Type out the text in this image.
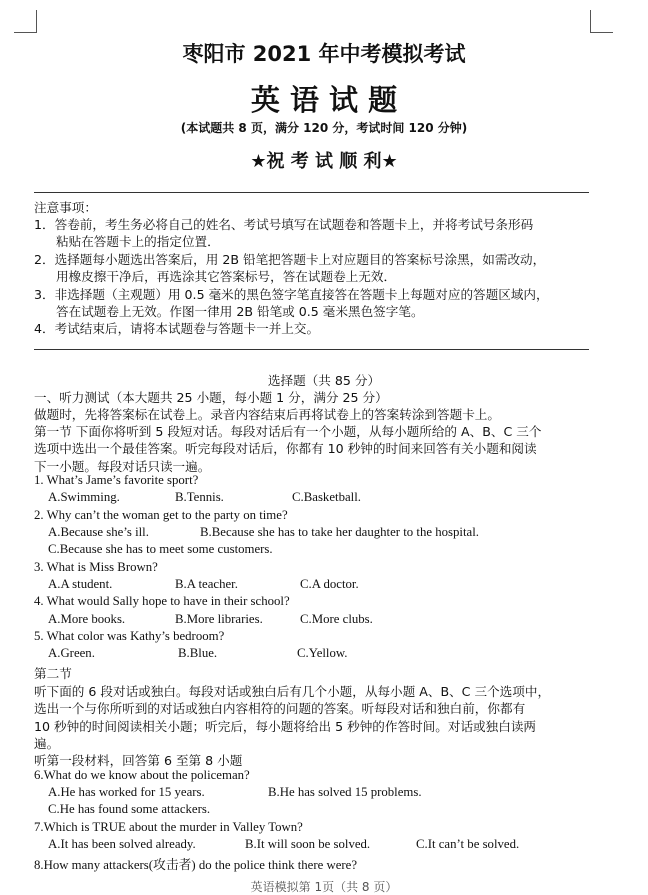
枣阳市 2021 年中考模拟考试
英 语 试 题
(本试题共 8 页，满分 120 分，考试时间 120 分钟)
★祝 考 试 顺 利★
注意事项：
1．答卷前，考生务必将自己的姓名、考试号填写在试题卷和答题卡上，并将考试号条形码
粘贴在答题卡上的指定位置．
2．选择题每小题选出答案后，用 2B 铅笔把答题卡上对应题目的答案标号涂黑，如需改动，
用橡皮擦干净后，再选涂其它答案标号，答在试题卷上无效．
3．非选择题（主观题）用 0.5 毫米的黑色签字笔直接答在答题卡上每题对应的答题区域内，
答在试题卷上无效。作图一律用 2B 铅笔或 0.5 毫米黑色签字笔。
4．考试结束后，请将本试题卷与答题卡一并上交。
选择题（共 85 分）
一、听力测试（本大题共 25 小题，每小题 1 分，满分 25 分）
做题时，先将答案标在试卷上。录音内容结束后再将试卷上的答案转涂到答题卡上。
第一节 下面你将听到 5 段短对话。每段对话后有一个小题，从每小题所给的 A、B、C 三个
选项中选出一个最佳答案。听完每段对话后，你都有 10 秒钟的时间来回答有关小题和阅读
下一小题。每段对话只读一遍。
1. What’s Jame’s favorite sport?
A.Swimming.	B.Tennis.	C.Basketball.
2. Why can’t the woman get to the party on time?
A.Because she’s ill.	B.Because she has to take her daughter to the hospital.
C.Because she has to meet some customers.
3. What is Miss Brown?
A.A student.	B.A teacher.	C.A doctor.
4. What would Sally hope to have in their school?
A.More books.	B.More libraries.	C.More clubs.
5. What color was Kathy’s bedroom?
A.Green.	B.Blue.	C.Yellow.
第二节
听下面的 6 段对话或独白。每段对话或独白后有几个小题，从每小题 A、B、C 三个选项中，
选出一个与你所听到的对话或独白内容相符的问题的答案。听每段对话和独白前，你都有
10 秒钟的时间阅读相关小题；听完后，每小题将给出 5 秒钟的作答时间。对话或独白读两
遍。
听第一段材料，回答第 6 至第 8 小题
6.What do we know about the policeman?
A.He has worked for 15 years.	B.He has solved 15 problems.
C.He has found some attackers.
7.Which is TRUE about the murder in Valley Town?
A.It has been solved already.	B.It will soon be solved.	C.It can’t be solved.
8.How many attackers(攻击者) do the police think there were?
英语模拟第 1页（共 8 页）
